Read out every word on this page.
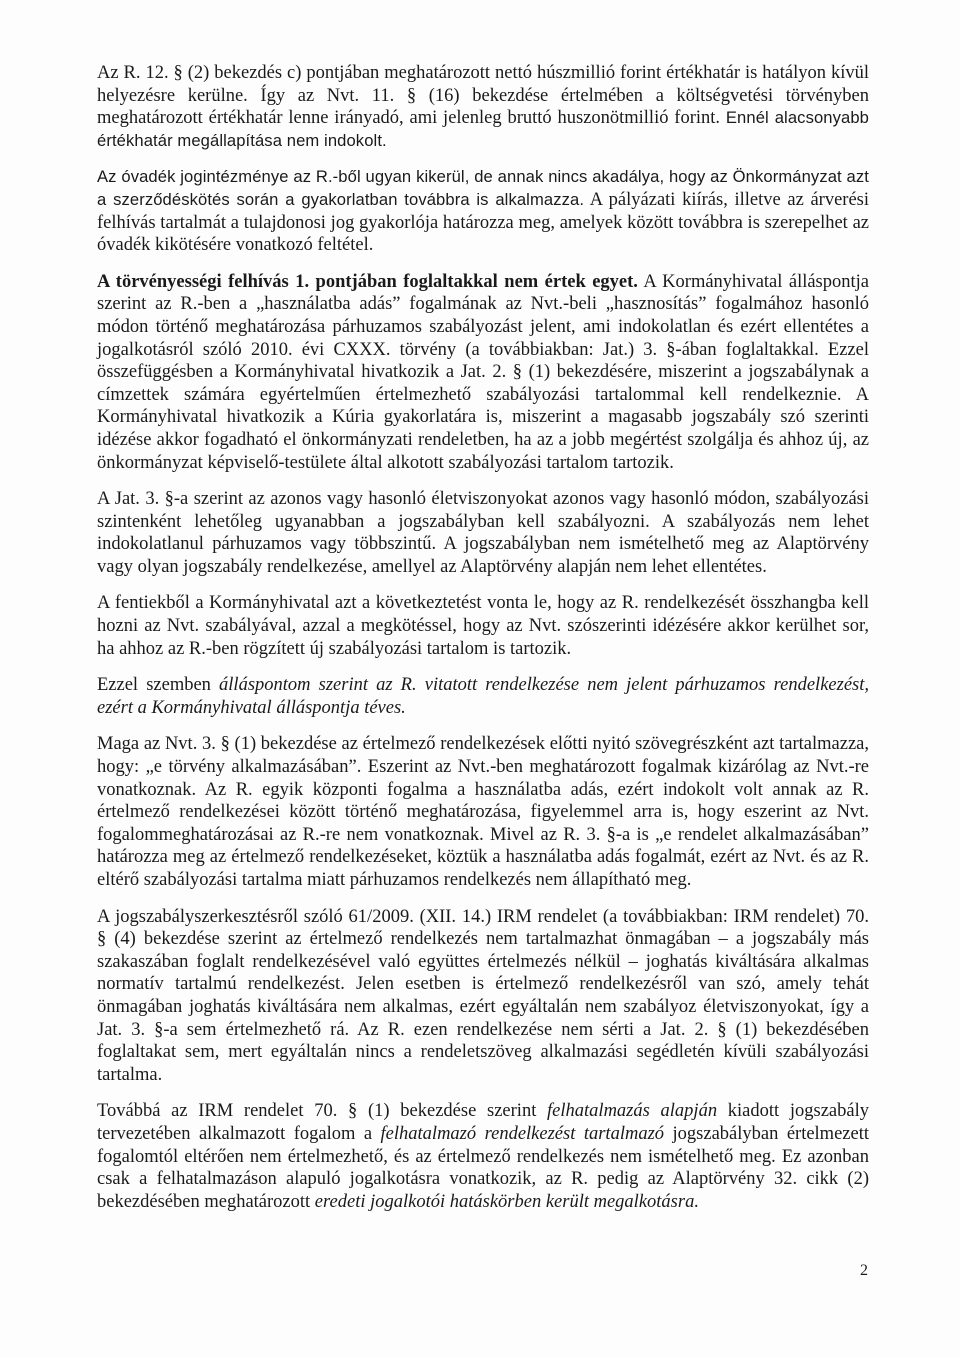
Az R. 12. § (2) bekezdés c) pontjában meghatározott nettó húszmillió forint értékhatár is hatályon kívül helyezésre kerülne. Így az Nvt. 11. § (16) bekezdése értelmében a költségvetési törvényben meghatározott értékhatár lenne irányadó, ami jelenleg bruttó huszonötmillió forint. Ennél alacsonyabb értékhatár megállapítása nem indokolt.

Az óvadék jogintézménye az R.-ből ugyan kikerül, de annak nincs akadálya, hogy az Önkormányzat azt a szerződéskötés során a gyakorlatban továbbra is alkalmazza. A pályázati kiírás, illetve az árverési felhívás tartalmát a tulajdonosi jog gyakorlója határozza meg, amelyek között továbbra is szerepelhet az óvadék kikötésére vonatkozó feltétel.

A törvényességi felhívás 1. pontjában foglaltakkal nem értek egyet. A Kormányhivatal álláspontja szerint az R.-ben a „használatba adás” fogalmának az Nvt.-beli „hasznosítás” fogalmához hasonló módon történő meghatározása párhuzamos szabályozást jelent, ami indokolatlan és ezért ellentétes a jogalkotásról szóló 2010. évi CXXX. törvény (a továbbiakban: Jat.) 3. §-ában foglaltakkal. Ezzel összefüggésben a Kormányhivatal hivatkozik a Jat. 2. § (1) bekezdésére, miszerint a jogszabálynak a címzettek számára egyértelműen értelmezhető szabályozási tartalommal kell rendelkeznie. A Kormányhivatal hivatkozik a Kúria gyakorlatára is, miszerint a magasabb jogszabály szó szerinti idézése akkor fogadható el önkormányzati rendeletben, ha az a jobb megértést szolgálja és ahhoz új, az önkormányzat képviselő-testülete által alkotott szabályozási tartalom tartozik.

A Jat. 3. §-a szerint az azonos vagy hasonló életviszonyokat azonos vagy hasonló módon, szabályozási szintenként lehetőleg ugyanabban a jogszabályban kell szabályozni. A szabályozás nem lehet indokolatlanul párhuzamos vagy többszintű. A jogszabályban nem ismételhető meg az Alaptörvény vagy olyan jogszabály rendelkezése, amellyel az Alaptörvény alapján nem lehet ellentétes.

A fentiekből a Kormányhivatal azt a következtetést vonta le, hogy az R. rendelkezését összhangba kell hozni az Nvt. szabályával, azzal a megkötéssel, hogy az Nvt. szószerinti idézésére akkor kerülhet sor, ha ahhoz az R.-ben rögzített új szabályozási tartalom is tartozik.

Ezzel szemben álláspontom szerint az R. vitatott rendelkezése nem jelent párhuzamos rendelkezést, ezért a Kormányhivatal álláspontja téves.

Maga az Nvt. 3. § (1) bekezdése az értelmező rendelkezések előtti nyitó szövegrészként azt tartalmazza, hogy: „e törvény alkalmazásában”. Eszerint az Nvt.-ben meghatározott fogalmak kizárólag az Nvt.-re vonatkoznak. Az R. egyik központi fogalma a használatba adás, ezért indokolt volt annak az R. értelmező rendelkezései között történő meghatározása, figyelemmel arra is, hogy eszerint az Nvt. fogalommeghatározásai az R.-re nem vonatkoznak. Mivel az R. 3. §-a is „e rendelet alkalmazásában” határozza meg az értelmező rendelkezéseket, köztük a használatba adás fogalmát, ezért az Nvt. és az R. eltérő szabályozási tartalma miatt párhuzamos rendelkezés nem állapítható meg.

A jogszabályszerkesztésről szóló 61/2009. (XII. 14.) IRM rendelet (a továbbiakban: IRM rendelet) 70. § (4) bekezdése szerint az értelmező rendelkezés nem tartalmazhat önmagában – a jogszabály más szakaszában foglalt rendelkezésével való együttes értelmezés nélkül – joghatás kiváltására alkalmas normatív tartalmú rendelkezést. Jelen esetben is értelmező rendelkezésről van szó, amely tehát önmagában joghatás kiváltására nem alkalmas, ezért egyáltalán nem szabályoz életviszonyokat, így a Jat. 3. §-a sem értelmezhető rá. Az R. ezen rendelkezése nem sérti a Jat. 2. § (1) bekezdésében foglaltakat sem, mert egyáltalán nincs a rendeletszöveg alkalmazási segédletén kívüli szabályozási tartalma.

Továbbá az IRM rendelet 70. § (1) bekezdése szerint felhatalmazás alapján kiadott jogszabály tervezetében alkalmazott fogalom a felhatalmazó rendelkezést tartalmazó jogszabályban értelmezett fogalomtól eltérően nem értelmezhető, és az értelmező rendelkezés nem ismételhető meg. Ez azonban csak a felhatalmazáson alapuló jogalkotásra vonatkozik, az R. pedig az Alaptörvény 32. cikk (2) bekezdésében meghatározott eredeti jogalkotói hatáskörben került megalkotásra.

2
